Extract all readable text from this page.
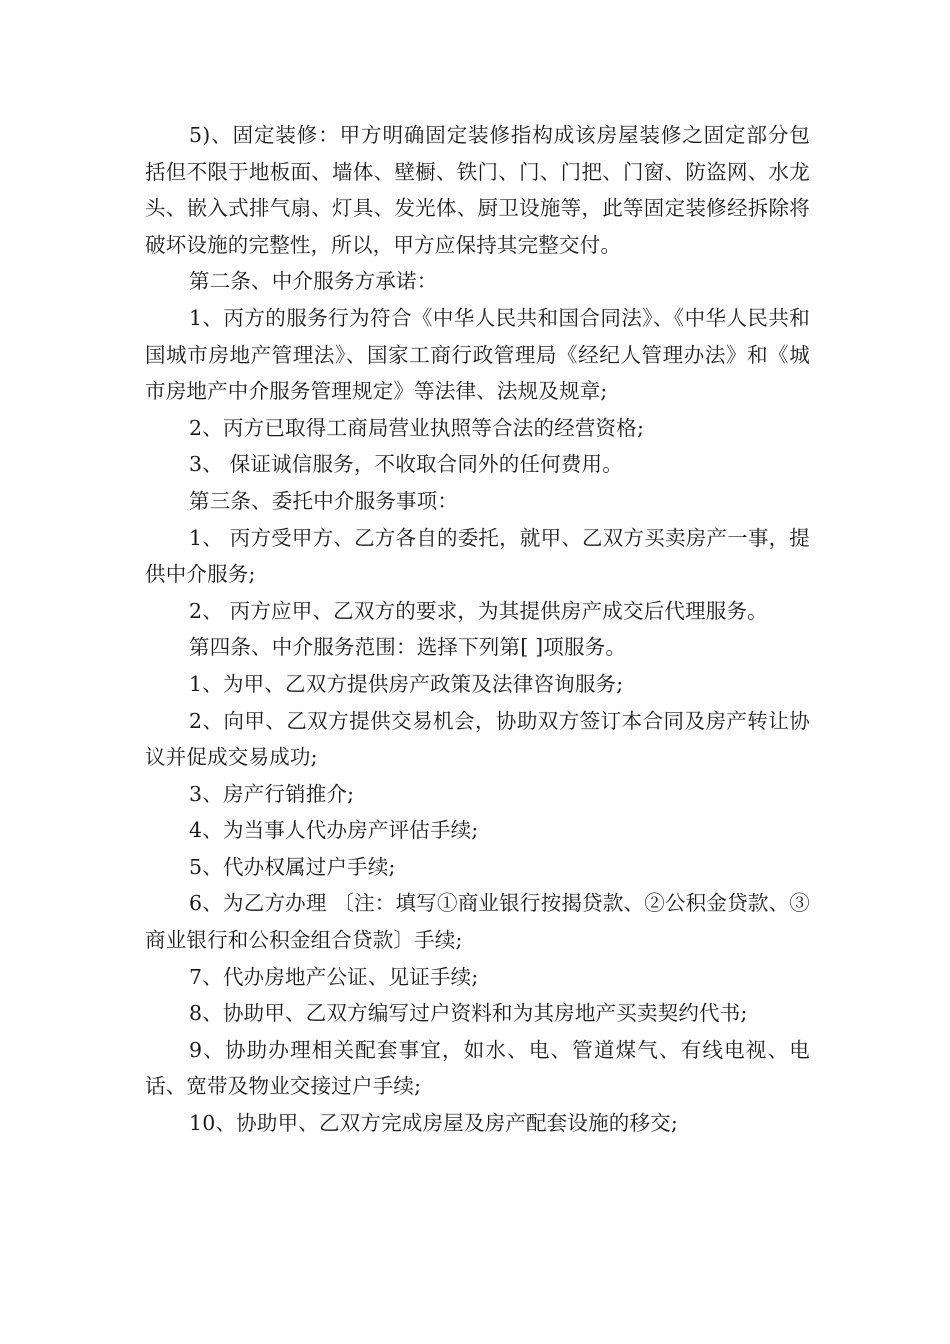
5)、固定装修：甲方明确固定装修指构成该房屋装修之固定部分包括但不限于地板面、墙体、壁橱、铁门、门、门把、门窗、防盗网、水龙头、嵌入式排气扇、灯具、发光体、厨卫设施等，此等固定装修经拆除将破坏设施的完整性，所以，甲方应保持其完整交付。

第二条、中介服务方承诺：

1、丙方的服务行为符合《中华人民共和国合同法》、《中华人民共和国城市房地产管理法》、国家工商行政管理局《经纪人管理办法》和《城市房地产中介服务管理规定》等法律、法规及规章;

2、丙方已取得工商局营业执照等合法的经营资格;

3、 保证诚信服务，不收取合同外的任何费用。

第三条、委托中介服务事项：

1、 丙方受甲方、乙方各自的委托，就甲、乙双方买卖房产一事，提供中介服务;

2、 丙方应甲、乙双方的要求，为其提供房产成交后代理服务。

第四条、中介服务范围：选择下列第[ ]项服务。

1、为甲、乙双方提供房产政策及法律咨询服务;

2、向甲、乙双方提供交易机会，协助双方签订本合同及房产转让协议并促成交易成功;

3、房产行销推介;

4、为当事人代办房产评估手续;

5、代办权属过户手续;

6、为乙方办理 〔注：填写①商业银行按揭贷款、②公积金贷款、③商业银行和公积金组合贷款〕手续;

7、代办房地产公证、见证手续;

8、协助甲、乙双方编写过户资料和为其房地产买卖契约代书;

9、协助办理相关配套事宜，如水、电、管道煤气、有线电视、电话、宽带及物业交接过户手续;

10、协助甲、乙双方完成房屋及房产配套设施的移交;
